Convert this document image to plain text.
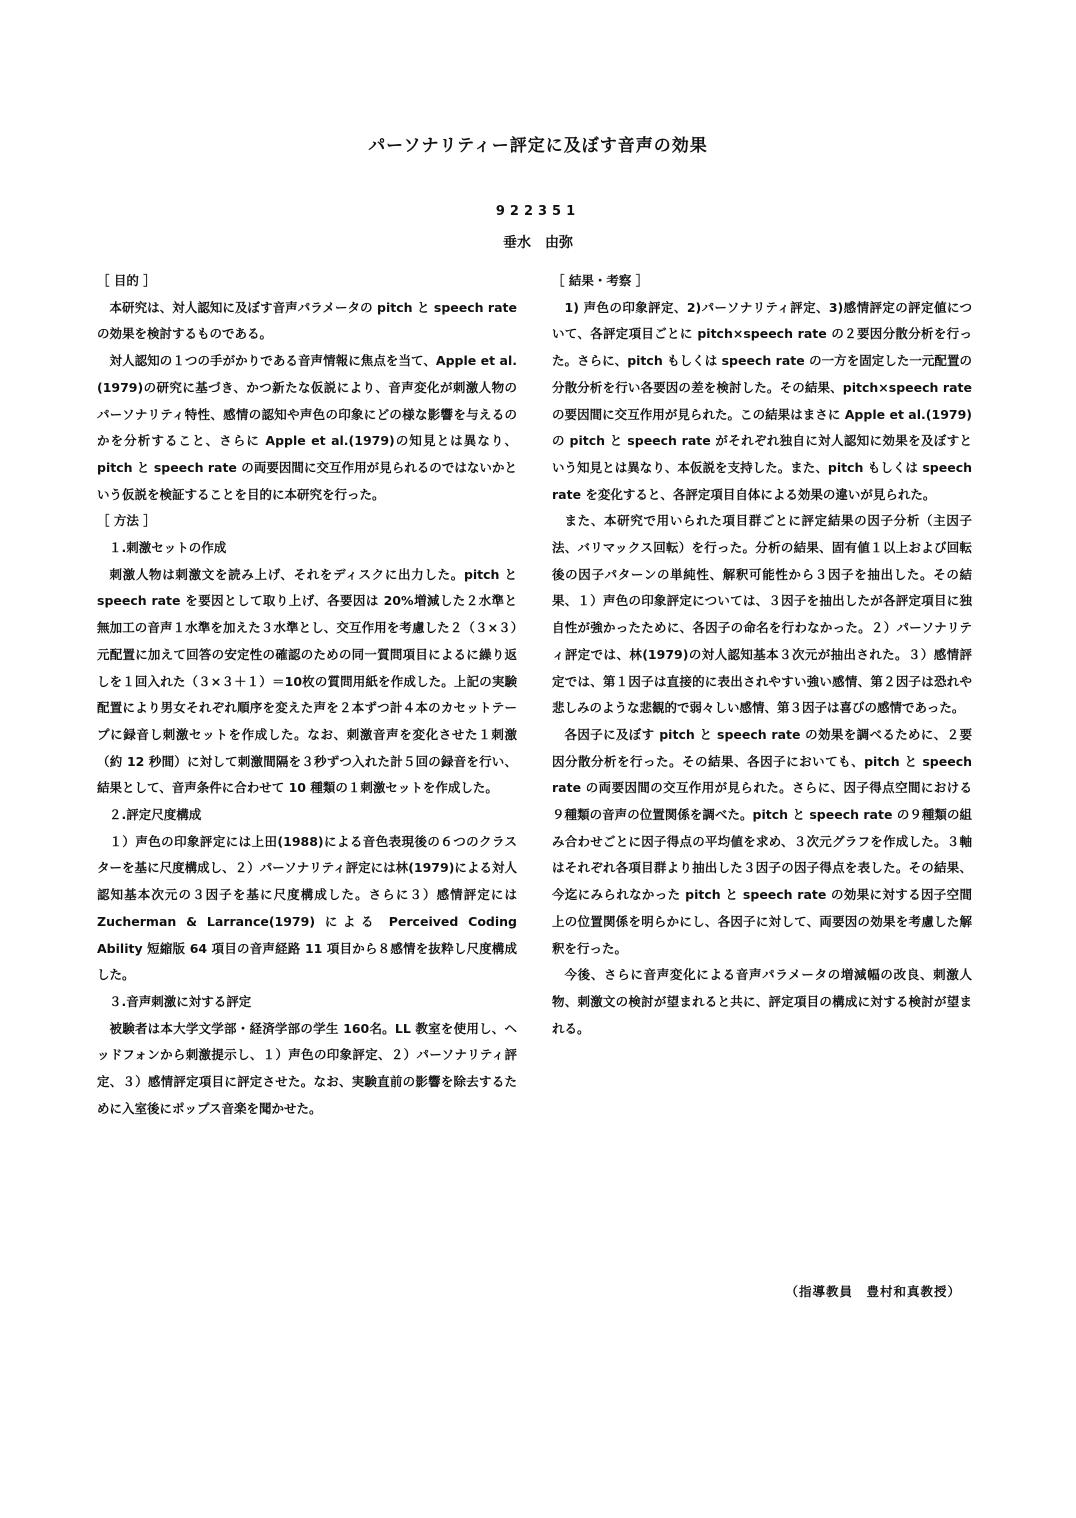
パーソナリティー評定に及ぼす音声の効果
922351
垂水 由弥

［ 目的 ］

本研究は、対人認知に及ぼす音声パラメータの pitch と speech rate の効果を検討するものである。

対人認知の１つの手がかりである音声情報に焦点を当て、Apple et al.(1979)の研究に基づき、かつ新たな仮説により、音声変化が刺激人物のパーソナリティ特性、感情の認知や声色の印象にどの様な影響を与えるのかを分析すること、さらに Apple et al.(1979)の知見とは異なり、pitch と speech rate の両要因間に交互作用が見られるのではないかという仮説を検証することを目的に本研究を行った。

［ 方法 ］

１.刺激セットの作成

刺激人物は刺激文を読み上げ、それをディスクに出力した。pitch と speech rate を要因として取り上げ、各要因は 20%増減した２水準と無加工の音声１水準を加えた３水準とし、交互作用を考慮した２（３×３）元配置に加えて回答の安定性の確認のための同一質問項目によるに繰り返しを１回入れた（３×３＋１）＝10枚の質問用紙を作成した。上記の実験配置により男女それぞれ順序を変えた声を２本ずつ計４本のカセットテープに録音し刺激セットを作成した。なお、刺激音声を変化させた１刺激（約 12 秒間）に対して刺激間隔を３秒ずつ入れた計５回の録音を行い、結果として、音声条件に合わせて 10 種類の１刺激セットを作成した。

２.評定尺度構成

１）声色の印象評定には上田(1988)による音色表現後の６つのクラスターを基に尺度構成し、２）パーソナリティ評定には林(1979)による対人認知基本次元の３因子を基に尺度構成した。さらに３）感情評定には Zucherman & Larrance(1979) による Perceived Coding Ability 短縮版 64 項目の音声経路 11 項目から８感情を抜粋し尺度構成した。

３.音声刺激に対する評定

被験者は本大学文学部・経済学部の学生 160名。LL 教室を使用し、ヘッドフォンから刺激提示し、１）声色の印象評定、２）パーソナリティ評定、３）感情評定項目に評定させた。なお、実験直前の影響を除去するために入室後にポップス音楽を聞かせた。

［ 結果・考察 ］

1) 声色の印象評定、2)パーソナリティ評定、3)感情評定の評定値について、各評定項目ごとに pitch×speech rate の２要因分散分析を行った。さらに、pitch もしくは speech rate の一方を固定した一元配置の分散分析を行い各要因の差を検討した。その結果、pitch×speech rate の要因間に交互作用が見られた。この結果はまさに Apple et al.(1979)の pitch と speech rate がそれぞれ独自に対人認知に効果を及ぼすという知見とは異なり、本仮説を支持した。また、pitch もしくは speech rate を変化すると、各評定項目自体による効果の違いが見られた。

また、本研究で用いられた項目群ごとに評定結果の因子分析（主因子法、バリマックス回転）を行った。分析の結果、固有値１以上および回転後の因子パターンの単純性、解釈可能性から３因子を抽出した。その結果、１）声色の印象評定については、３因子を抽出したが各評定項目に独自性が強かったために、各因子の命名を行わなかった。２）パーソナリティ評定では、林(1979)の対人認知基本３次元が抽出された。３）感情評定では、第１因子は直接的に表出されやすい強い感情、第２因子は恐れや悲しみのような悲観的で弱々しい感情、第３因子は喜びの感情であった。

各因子に及ぼす pitch と speech rate の効果を調べるために、２要因分散分析を行った。その結果、各因子においても、pitch と speech rate の両要因間の交互作用が見られた。さらに、因子得点空間における９種類の音声の位置関係を調べた。pitch と speech rate の９種類の組み合わせごとに因子得点の平均値を求め、３次元グラフを作成した。３軸はそれぞれ各項目群より抽出した３因子の因子得点を表した。その結果、今迄にみられなかった pitch と speech rate の効果に対する因子空間上の位置関係を明らかにし、各因子に対して、両要因の効果を考慮した解釈を行った。

今後、さらに音声変化による音声パラメータの増減幅の改良、刺激人物、刺激文の検討が望まれると共に、評定項目の構成に対する検討が望まれる。

（指導教員　豊村和真教授）
